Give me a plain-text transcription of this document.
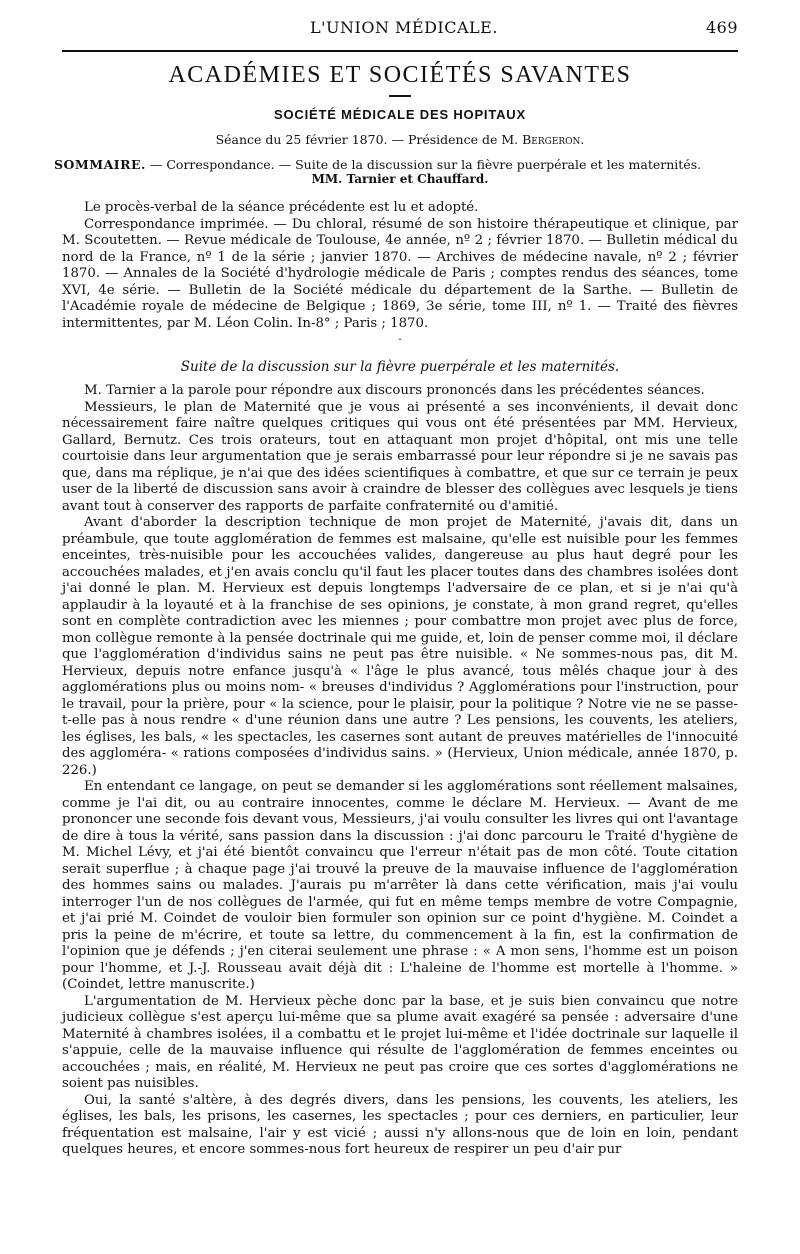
L'UNION MÉDICALE.	469
ACADÉMIES ET SOCIÉTÉS SAVANTES
SOCIÉTÉ MÉDICALE DES HOPITAUX
Séance du 25 février 1870. — Présidence de M. Bergeron.
SOMMAIRE. — Correspondance. — Suite de la discussion sur la fièvre puerpérale et les maternités.
MM. Tarnier et Chauffard.

Le procès-verbal de la séance précédente est lu et adopté.

Correspondance imprimée. — Du chloral, résumé de son histoire thérapeutique et clinique, par M. Scoutetten. — Revue médicale de Toulouse, 4e année, nº 2 ; février 1870. — Bulletin médical du nord de la France, nº 1 de la série ; janvier 1870. — Archives de médecine navale, nº 2 ; février 1870. — Annales de la Société d'hydrologie médicale de Paris ; comptes rendus des séances, tome XVI, 4e série. — Bulletin de la Société médicale du département de la Sarthe. — Bulletin de l'Académie royale de médecine de Belgique ; 1869, 3e série, tome III, nº 1. — Traité des fièvres intermittentes, par M. Léon Colin. In-8° ; Paris ; 1870.

-
Suite de la discussion sur la fièvre puerpérale et les maternités.

M. Tarnier a la parole pour répondre aux discours prononcés dans les précédentes séances.

Messieurs, le plan de Maternité que je vous ai présenté a ses inconvénients, il devait donc nécessairement faire naître quelques critiques qui vous ont été présentées par MM. Hervieux, Gallard, Bernutz. Ces trois orateurs, tout en attaquant mon projet d'hôpital, ont mis une telle courtoisie dans leur argumentation que je serais embarrassé pour leur répondre si je ne savais pas que, dans ma réplique, je n'ai que des idées scientifiques à combattre, et que sur ce terrain je peux user de la liberté de discussion sans avoir à craindre de blesser des collègues avec lesquels je tiens avant tout à conserver des rapports de parfaite confraternité ou d'amitié.

Avant d'aborder la description technique de mon projet de Maternité, j'avais dit, dans un préambule, que toute agglomération de femmes est malsaine, qu'elle est nuisible pour les femmes enceintes, très-nuisible pour les accouchées valides, dangereuse au plus haut degré pour les accouchées malades, et j'en avais conclu qu'il faut les placer toutes dans des chambres isolées dont j'ai donné le plan. M. Hervieux est depuis longtemps l'adversaire de ce plan, et si je n'ai qu'à applaudir à la loyauté et à la franchise de ses opinions, je constate, à mon grand regret, qu'elles sont en complète contradiction avec les miennes ; pour combattre mon projet avec plus de force, mon collègue remonte à la pensée doctrinale qui me guide, et, loin de penser comme moi, il déclare que l'agglomération d'individus sains ne peut pas être nuisible. « Ne sommes-nous pas, dit M. Hervieux, depuis notre enfance jusqu'à « l'âge le plus avancé, tous mêlés chaque jour à des agglomérations plus ou moins nom- « breuses d'individus ? Agglomérations pour l'instruction, pour le travail, pour la prière, pour « la science, pour le plaisir, pour la politique ? Notre vie ne se passe-t-elle pas à nous rendre « d'une réunion dans une autre ? Les pensions, les couvents, les ateliers, les églises, les bals, « les spectacles, les casernes sont autant de preuves matérielles de l'innocuité des aggloméra- « rations composées d'individus sains. » (Hervieux, Union médicale, année 1870, p. 226.)

En entendant ce langage, on peut se demander si les agglomérations sont réellement malsaines, comme je l'ai dit, ou au contraire innocentes, comme le déclare M. Hervieux. — Avant de me prononcer une seconde fois devant vous, Messieurs, j'ai voulu consulter les livres qui ont l'avantage de dire à tous la vérité, sans passion dans la discussion : j'ai donc parcouru le Traité d'hygiène de M. Michel Lévy, et j'ai été bientôt convaincu que l'erreur n'était pas de mon côté. Toute citation serait superflue ; à chaque page j'ai trouvé la preuve de la mauvaise influence de l'agglomération des hommes sains ou malades. J'aurais pu m'arrêter là dans cette vérification, mais j'ai voulu interroger l'un de nos collègues de l'armée, qui fut en même temps membre de votre Compagnie, et j'ai prié M. Coindet de vouloir bien formuler son opinion sur ce point d'hygiène. M. Coindet a pris la peine de m'écrire, et toute sa lettre, du commencement à la fin, est la confirmation de l'opinion que je défends ; j'en citerai seulement une phrase : « A mon sens, l'homme est un poison pour l'homme, et J.-J. Rousseau avait déjà dit : L'haleine de l'homme est mortelle à l'homme. » (Coindet, lettre manuscrite.)

L'argumentation de M. Hervieux pèche donc par la base, et je suis bien convaincu que notre judicieux collègue s'est aperçu lui-même que sa plume avait exagéré sa pensée : adversaire d'une Maternité à chambres isolées, il a combattu et le projet lui-même et l'idée doctrinale sur laquelle il s'appuie, celle de la mauvaise influence qui résulte de l'agglomération de femmes enceintes ou accouchées ; mais, en réalité, M. Hervieux ne peut pas croire que ces sortes d'agglomérations ne soient pas nuisibles.

Oui, la santé s'altère, à des degrés divers, dans les pensions, les couvents, les ateliers, les églises, les bals, les prisons, les casernes, les spectacles ; pour ces derniers, en particulier, leur fréquentation est malsaine, l'air y est vicié ; aussi n'y allons-nous que de loin en loin, pendant quelques heures, et encore sommes-nous fort heureux de respirer un peu d'air pur
